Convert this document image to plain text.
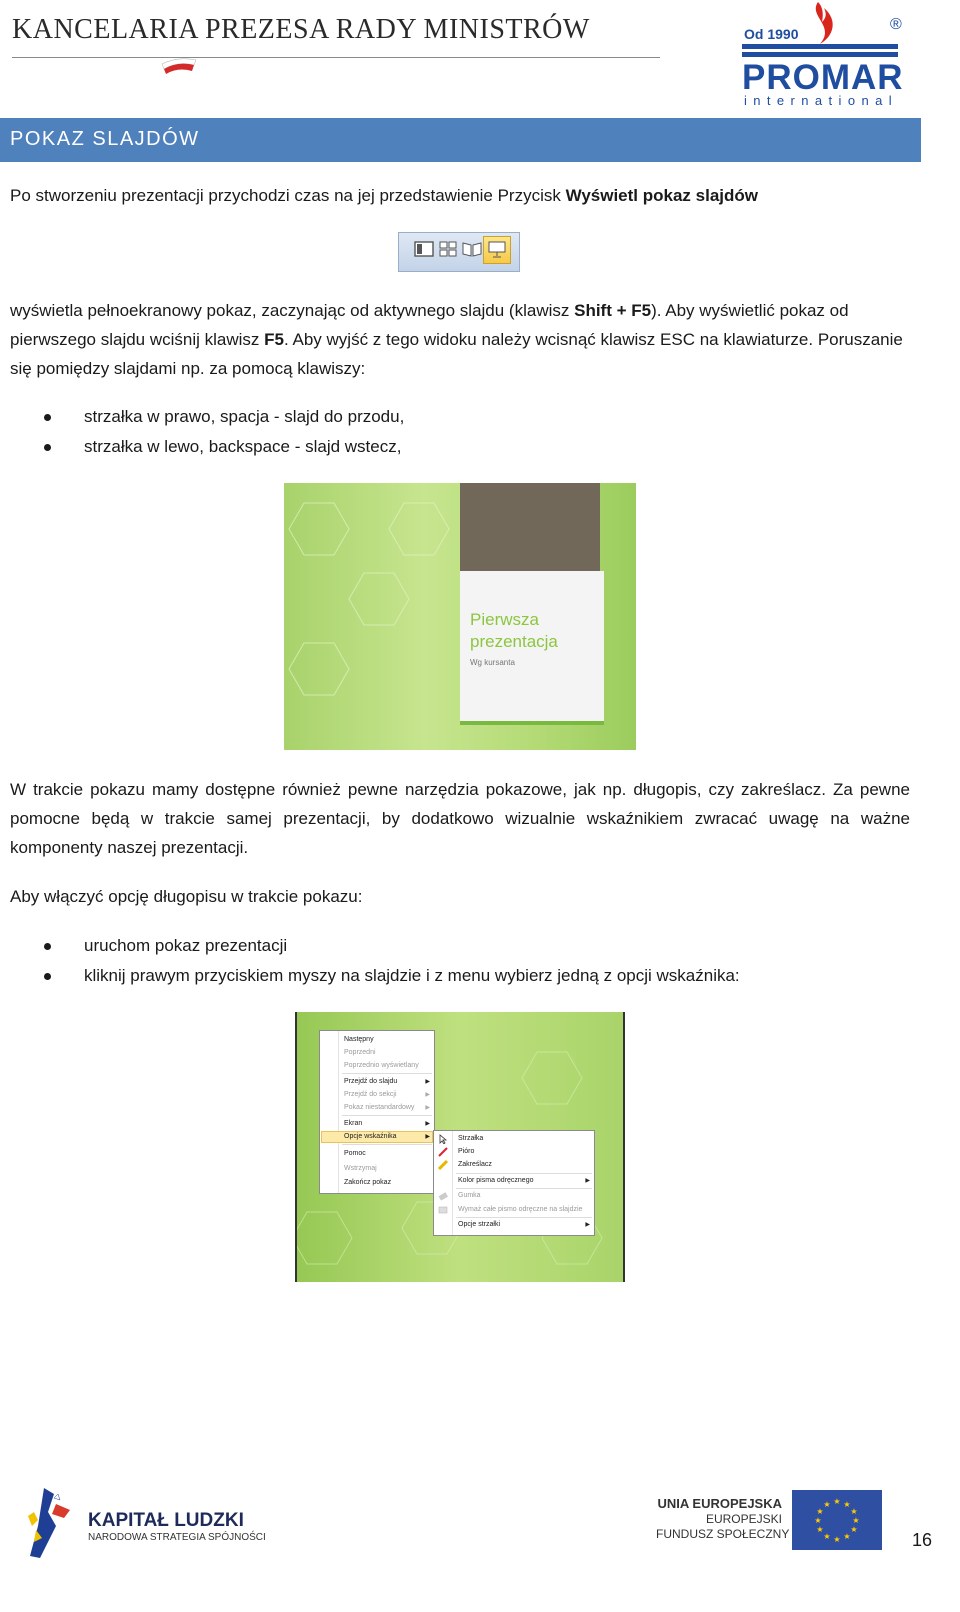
KANCELARIA PREZESA RADY MINISTRÓW	Od 1990
®
PROMAR
international
POKAZ SLAJDÓW
Po stworzeniu prezentacji przychodzi czas na jej przedstawienie Przycisk Wyświetl pokaz slajdów
wyświetla pełnoekranowy pokaz, zaczynając od aktywnego slajdu (klawisz Shift + F5). Aby wyświetlić pokaz od pierwszego slajdu wciśnij klawisz F5. Aby wyjść z tego widoku należy wcisnąć klawisz ESC na klawiaturze. Poruszanie się pomiędzy slajdami np. za pomocą klawiszy:
strzałka w prawo, spacja - slajd do przodu,
strzałka w lewo, backspace - slajd wstecz,
Pierwsza
prezentacja
Wg kursanta
W trakcie pokazu mamy dostępne również pewne narzędzia pokazowe, jak np. długopis, czy zakreślacz. Za pewne pomocne będą w trakcie samej prezentacji, by dodatkowo wizualnie wskaźnikiem zwracać uwagę na ważne komponenty naszej prezentacji.
Aby włączyć opcję długopisu w trakcie pokazu:
uruchom pokaz prezentacji
kliknij prawym przyciskiem myszy na slajdzie i z menu wybierz jedną z opcji wskaźnika:
Następny
Poprzedni
Poprzednio wyświetlany
Przejdź do slajdu	▶
Przejdź do sekcji	▶
Pokaz niestandardowy ▶
Ekran	▶
Opcje wskaźnika	▶
Pomoc
Wstrzymaj
Zakończ pokaz
Strzałka
Pióro
Zakreślacz
Kolor pisma odręcznego	▶
Gumka
Wymaż całe pismo odręczne na slajdzie
Opcje strzałki	▶
KAPITAŁ LUDZKI
NARODOWA STRATEGIA SPÓJNOŚCI
UNIA EUROPEJSKA
EUROPEJSKI
FUNDUSZ SPOŁECZNY
★ ★
★
★
★
★
★
★
★
★
★
★
16
